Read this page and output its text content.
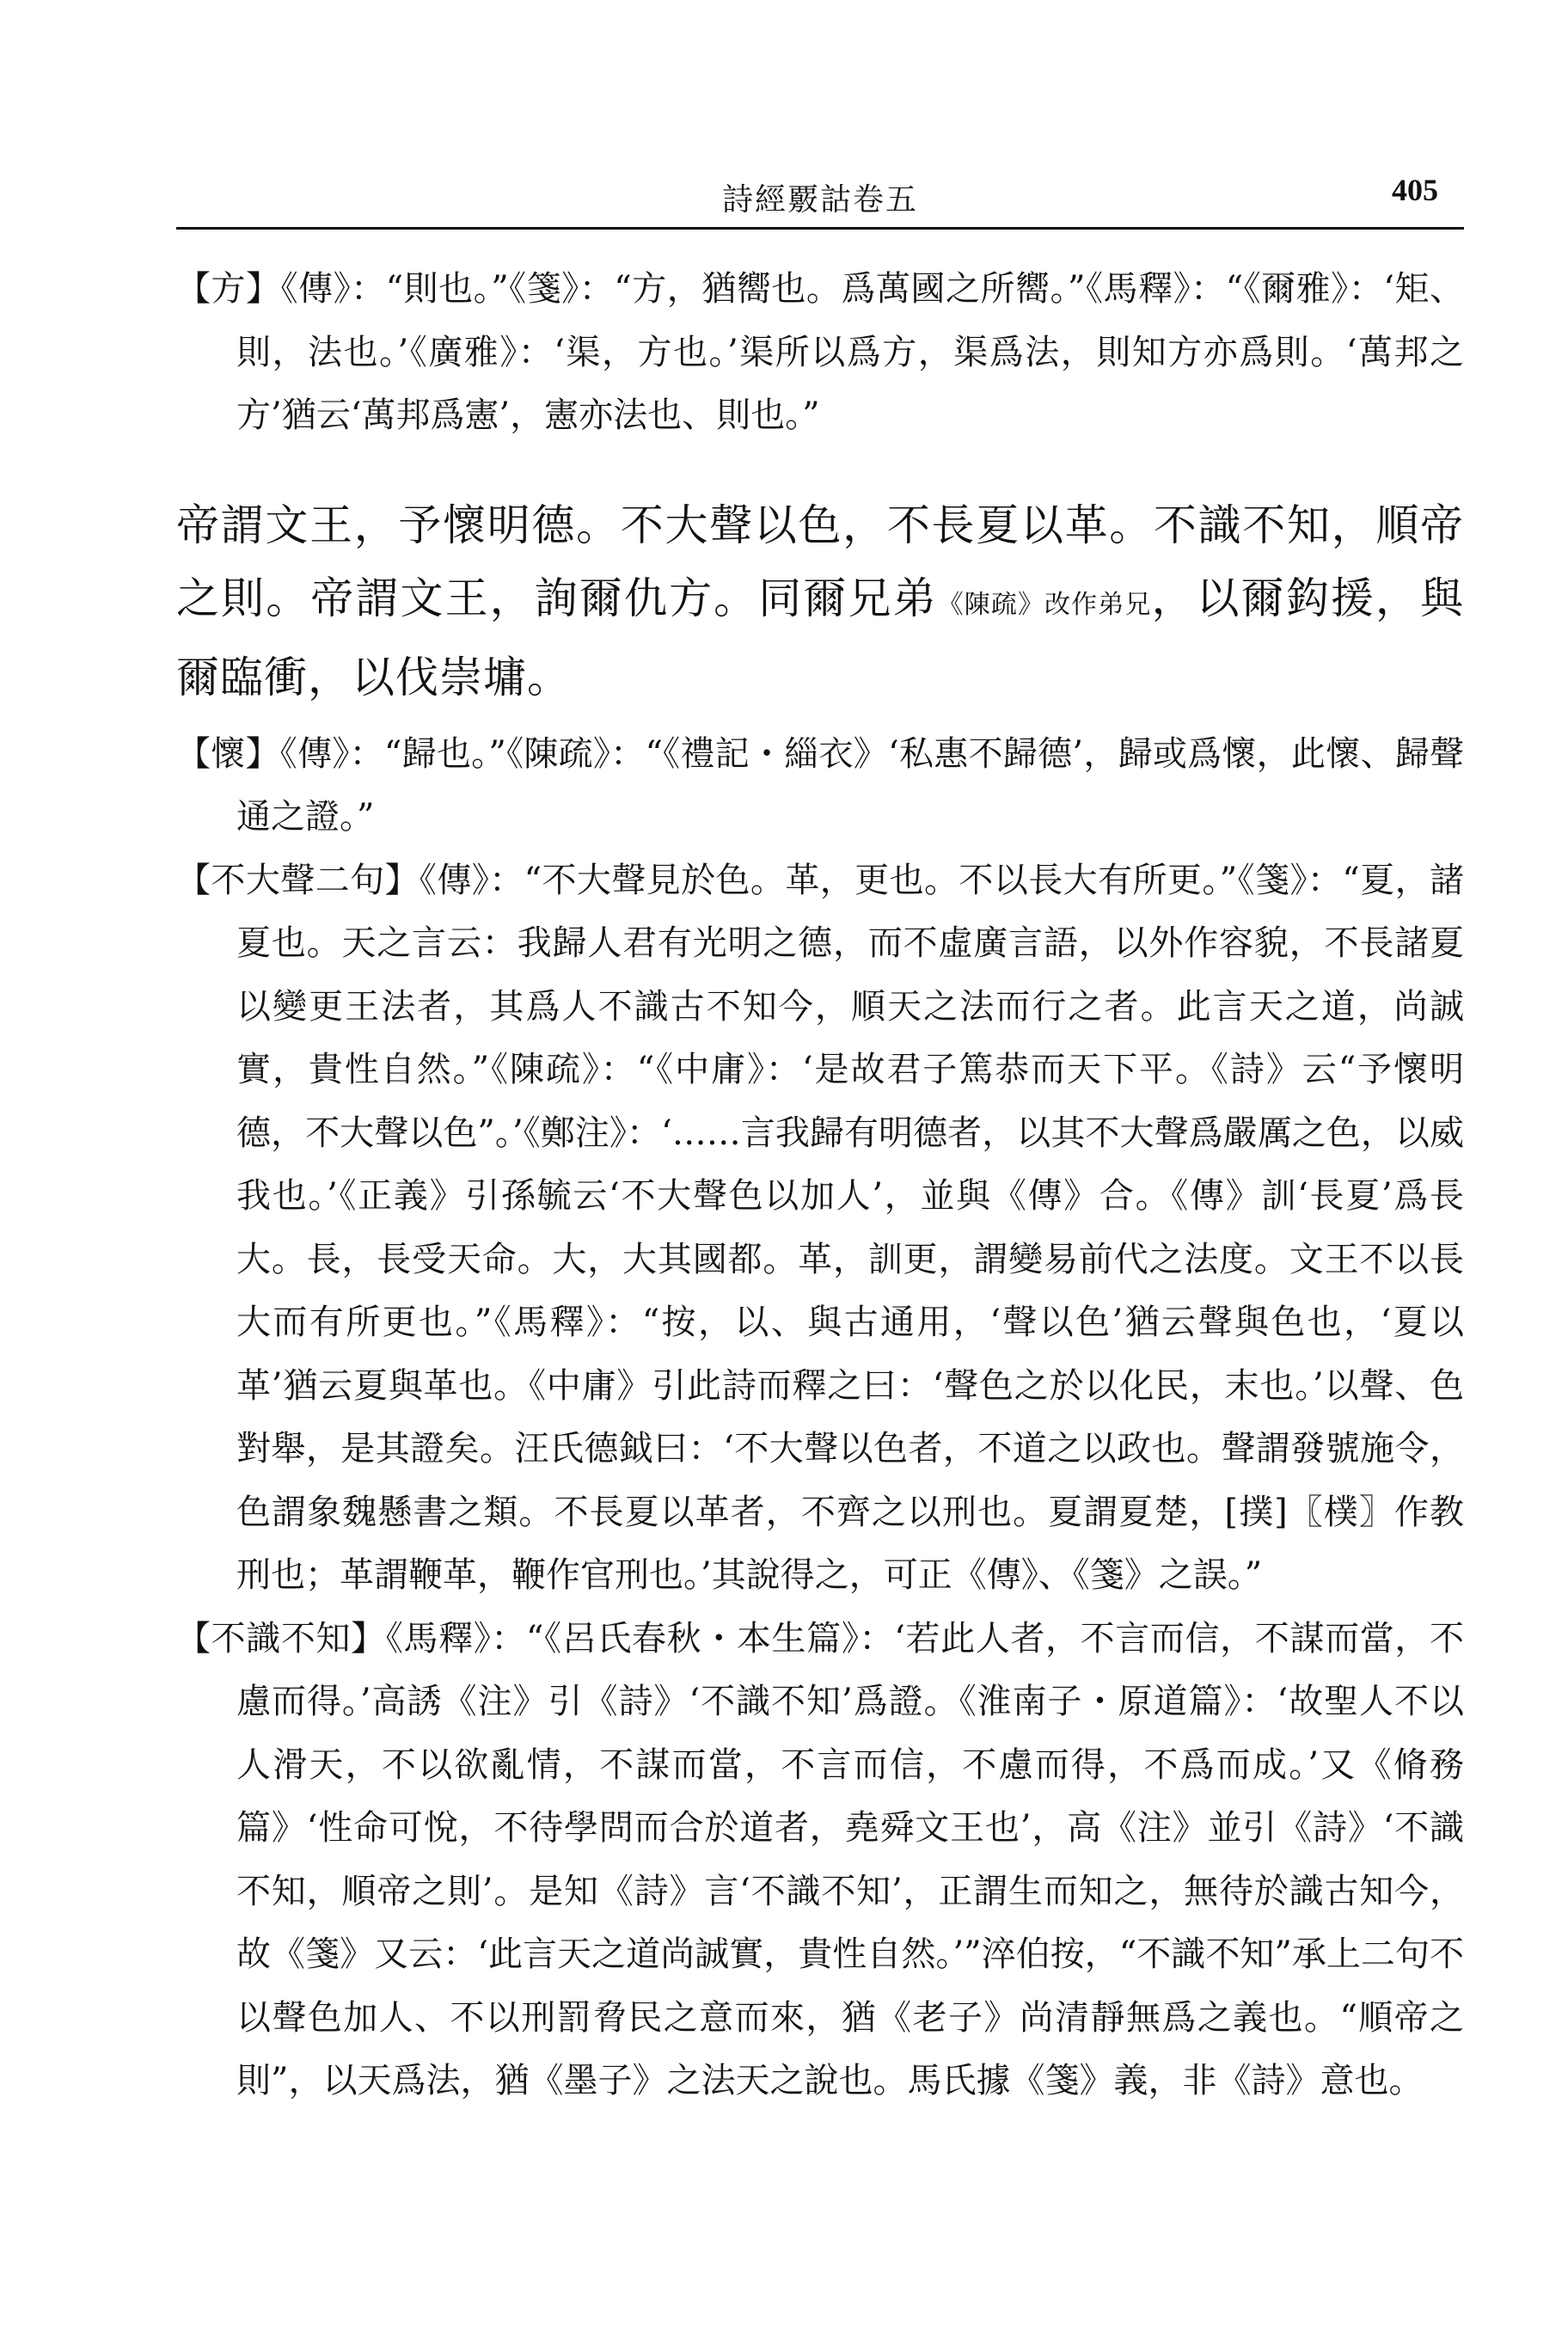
詩經覈詁卷五	405

【方】《傳》：“則也。”《箋》：“方，猶嚮也。爲萬國之所嚮。”《馬釋》：“《爾雅》：‘矩、則，法也。’《廣雅》：‘渠，方也。’渠所以爲方，渠爲法，則知方亦爲則。‘萬邦之方’猶云‘萬邦爲憲’，憲亦法也、則也。”

帝謂文王，予懷明德。不大聲以色，不長夏以革。不識不知，順帝之則。帝謂文王，詢爾仇方。同爾兄弟《陳疏》改作弟兄，以爾鈎援，與爾臨衝，以伐崇墉。

【懷】《傳》：“歸也。”《陳疏》：“《禮記・緇衣》‘私惠不歸德’，歸或爲懷，此懷、歸聲通之證。”

【不大聲二句】《傳》：“不大聲見於色。革，更也。不以長大有所更。”《箋》：“夏，諸夏也。天之言云：我歸人君有光明之德，而不虛廣言語，以外作容貌，不長諸夏以變更王法者，其爲人不識古不知今，順天之法而行之者。此言天之道，尚誠實，貴性自然。”《陳疏》：“《中庸》：‘是故君子篤恭而天下平。《詩》云“予懷明德，不大聲以色”。’《鄭注》：‘……言我歸有明德者，以其不大聲爲嚴厲之色，以威我也。’《正義》引孫毓云‘不大聲色以加人’，並與《傳》合。《傳》訓‘長夏’爲長大。長，長受天命。大，大其國都。革，訓更，謂變易前代之法度。文王不以長大而有所更也。”《馬釋》：“按，以、與古通用，‘聲以色’猶云聲與色也，‘夏以革’猶云夏與革也。《中庸》引此詩而釋之曰：‘聲色之於以化民，末也。’以聲、色對舉，是其證矣。汪氏德鉞曰：‘不大聲以色者，不道之以政也。聲謂發號施令，色謂象魏懸書之類。不長夏以革者，不齊之以刑也。夏謂夏楚，[撲]〖樸〗作教刑也；革謂鞭革，鞭作官刑也。’其說得之，可正《傳》、《箋》之誤。”

【不識不知】《馬釋》：“《呂氏春秋・本生篇》：‘若此人者，不言而信，不謀而當，不慮而得。’高誘《注》引《詩》‘不識不知’爲證。《淮南子・原道篇》：‘故聖人不以人滑天，不以欲亂情，不謀而當，不言而信，不慮而得，不爲而成。’又《脩務篇》‘性命可悅，不待學問而合於道者，堯舜文王也’，高《注》並引《詩》‘不識不知，順帝之則’。是知《詩》言‘不識不知’，正謂生而知之，無待於識古知今，故《箋》又云：‘此言天之道尚誠實，貴性自然。’”淬伯按，“不識不知”承上二句不以聲色加人、不以刑罰脅民之意而來，猶《老子》尚清靜無爲之義也。“順帝之則”，以天爲法，猶《墨子》之法天之說也。馬氏據《箋》義，非《詩》意也。
